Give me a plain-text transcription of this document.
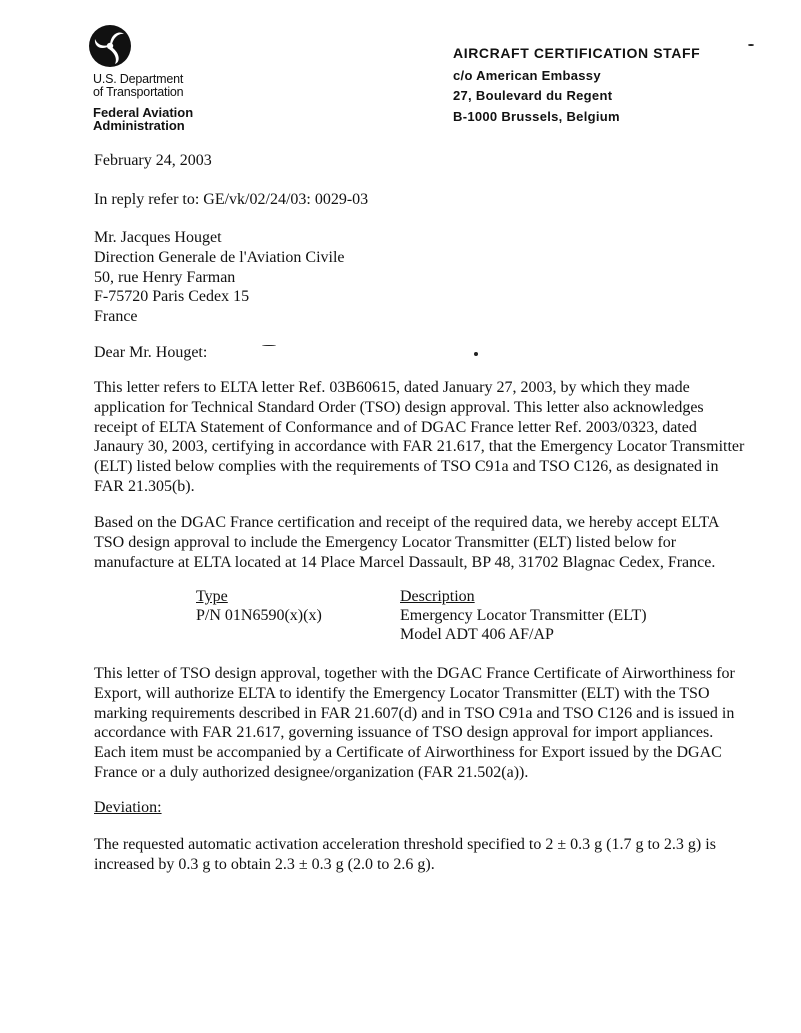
U.S. Department
of Transportation
Federal Aviation
Administration
AIRCRAFT CERTIFICATION STAFF
c/o American Embassy
27, Boulevard du Regent
B-1000 Brussels, Belgium
February 24, 2003
In reply refer to: GE/vk/02/24/03: 0029-03
Mr. Jacques Houget
Direction Generale de l'Aviation Civile
50, rue Henry Farman
F-75720 Paris Cedex 15
France
Dear Mr. Houget:
This letter refers to ELTA letter Ref. 03B60615, dated January 27, 2003, by which they made
application for Technical Standard Order (TSO) design approval. This letter also acknowledges
receipt of ELTA Statement of Conformance and of DGAC France letter Ref. 2003/0323, dated
Janaury 30, 2003, certifying in accordance with FAR 21.617, that the Emergency Locator Transmitter
(ELT) listed below complies with the requirements of TSO C91a and TSO C126, as designated in
FAR 21.305(b).
Based on the DGAC France certification and receipt of the required data, we hereby accept ELTA
TSO design approval to include the Emergency Locator Transmitter (ELT) listed below for
manufacture at ELTA located at 14 Place Marcel Dassault, BP 48, 31702 Blagnac Cedex, France.
Type	Description
P/N 01N6590(x)(x)	Emergency Locator Transmitter (ELT)
Model ADT 406 AF/AP
This letter of TSO design approval, together with the DGAC France Certificate of Airworthiness for
Export, will authorize ELTA to identify the Emergency Locator Transmitter (ELT) with the TSO
marking requirements described in FAR 21.607(d) and in TSO C91a and TSO C126 and is issued in
accordance with FAR 21.617, governing issuance of TSO design approval for import appliances.
Each item must be accompanied by a Certificate of Airworthiness for Export issued by the DGAC
France or a duly authorized designee/organization (FAR 21.502(a)).
Deviation:
The requested automatic activation acceleration threshold specified to 2 ± 0.3 g (1.7 g to 2.3 g) is
increased by 0.3 g to obtain 2.3 ± 0.3 g (2.0 to 2.6 g).
